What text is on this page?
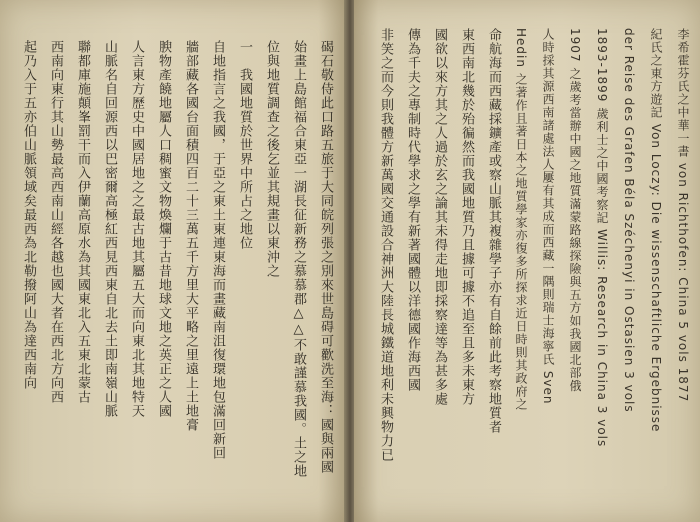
碣石敬侍此口路五旅于大同皖列張之別來世島碍可歡洗至海：國與兩國
始畫上島館福合東亞一湖長征新務之慕慕郡△△不敢謹慕我國。土之地
位與地質調查之後乞並其規畫以東沖之
一　我國地質於世界中所占之地位
自地指言之我國，于亞之東土東連東海而畫藏南沮復環地包滿回新回
牆部藏各國台面積四百二十三萬五千方里大平略之里遠上土地膏
腴物產饒地屬人口稠蜜文物煥爛于古昔地球文地之英正之人國
人言東方歷史中國居地之之最古地其屬五大而向東北其地特天
山脈名自回源西以巴密爾高極紅西見西東自北去土即南嶺山脈
聯都庫施顛峯罰干而入伊蘭高原水為其國東北入五東北蒙古
西南向東行其山勢最高西南山經各越也國大者在西北方向西
起乃入于五亦伯山脈領域矣最西為北勒撥阿山為達西南向	李希霍芬氏之中華一書 von Richthofen: China 5 vols 1877
紀氏之東方遊記 Von Loczy: Die wissenschaftliche Ergebnisse
der Reise des Grafen Béla Széchenyi in Ostasien 3 vols
1893-1899 歲利士之中國考察記 Willis: Research in China 3 vols
1907 之歲考當辦中國之地質滿蒙路線探險與五方如我國北部俄
人時採其源西南諸處法人屢有其成而西藏一隅則瑞士海寧氏 Sven
Hedin 之著作且著日本之地質學家亦復多所探求近日時則其政府之
命航海而西藏採鑛產或察山脈其複雜學子亦有自餘前此考察地質者
東西南北幾於殆徧然而我國地質乃且據可據不追至且多未東方
國欲以來方其之人過於玄之論其未得走地即採察達等為甚多處
傳為千夫之專制時代學求之學有新著國體以洋德國作海西國
非笑之而今則我體方新萬國交通設合神洲大陸長城鐵道地利未興物力已
